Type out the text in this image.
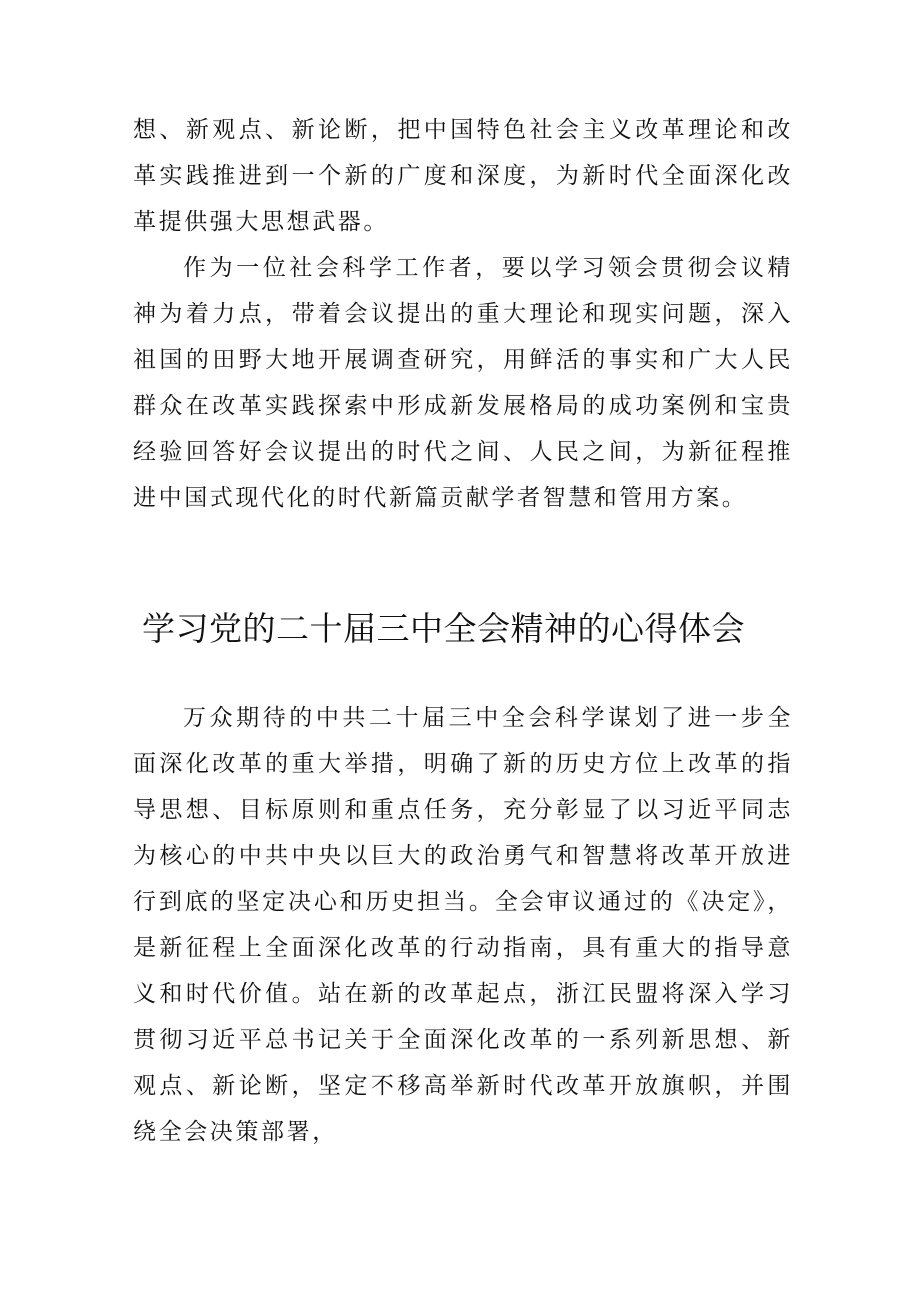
想、新观点、新论断，把中国特色社会主义改革理论和改革实践推进到一个新的广度和深度，为新时代全面深化改革提供强大思想武器。

作为一位社会科学工作者，要以学习领会贯彻会议精神为着力点，带着会议提出的重大理论和现实问题，深入祖国的田野大地开展调查研究，用鲜活的事实和广大人民群众在改革实践探索中形成新发展格局的成功案例和宝贵经验回答好会议提出的时代之间、人民之间，为新征程推进中国式现代化的时代新篇贡献学者智慧和管用方案。

学习党的二十届三中全会精神的心得体会

万众期待的中共二十届三中全会科学谋划了进一步全面深化改革的重大举措，明确了新的历史方位上改革的指导思想、目标原则和重点任务，充分彰显了以习近平同志为核心的中共中央以巨大的政治勇气和智慧将改革开放进行到底的坚定决心和历史担当。全会审议通过的《决定》，是新征程上全面深化改革的行动指南，具有重大的指导意义和时代价值。站在新的改革起点，浙江民盟将深入学习贯彻习近平总书记关于全面深化改革的一系列新思想、新观点、新论断，坚定不移高举新时代改革开放旗帜，并围绕全会决策部署，
